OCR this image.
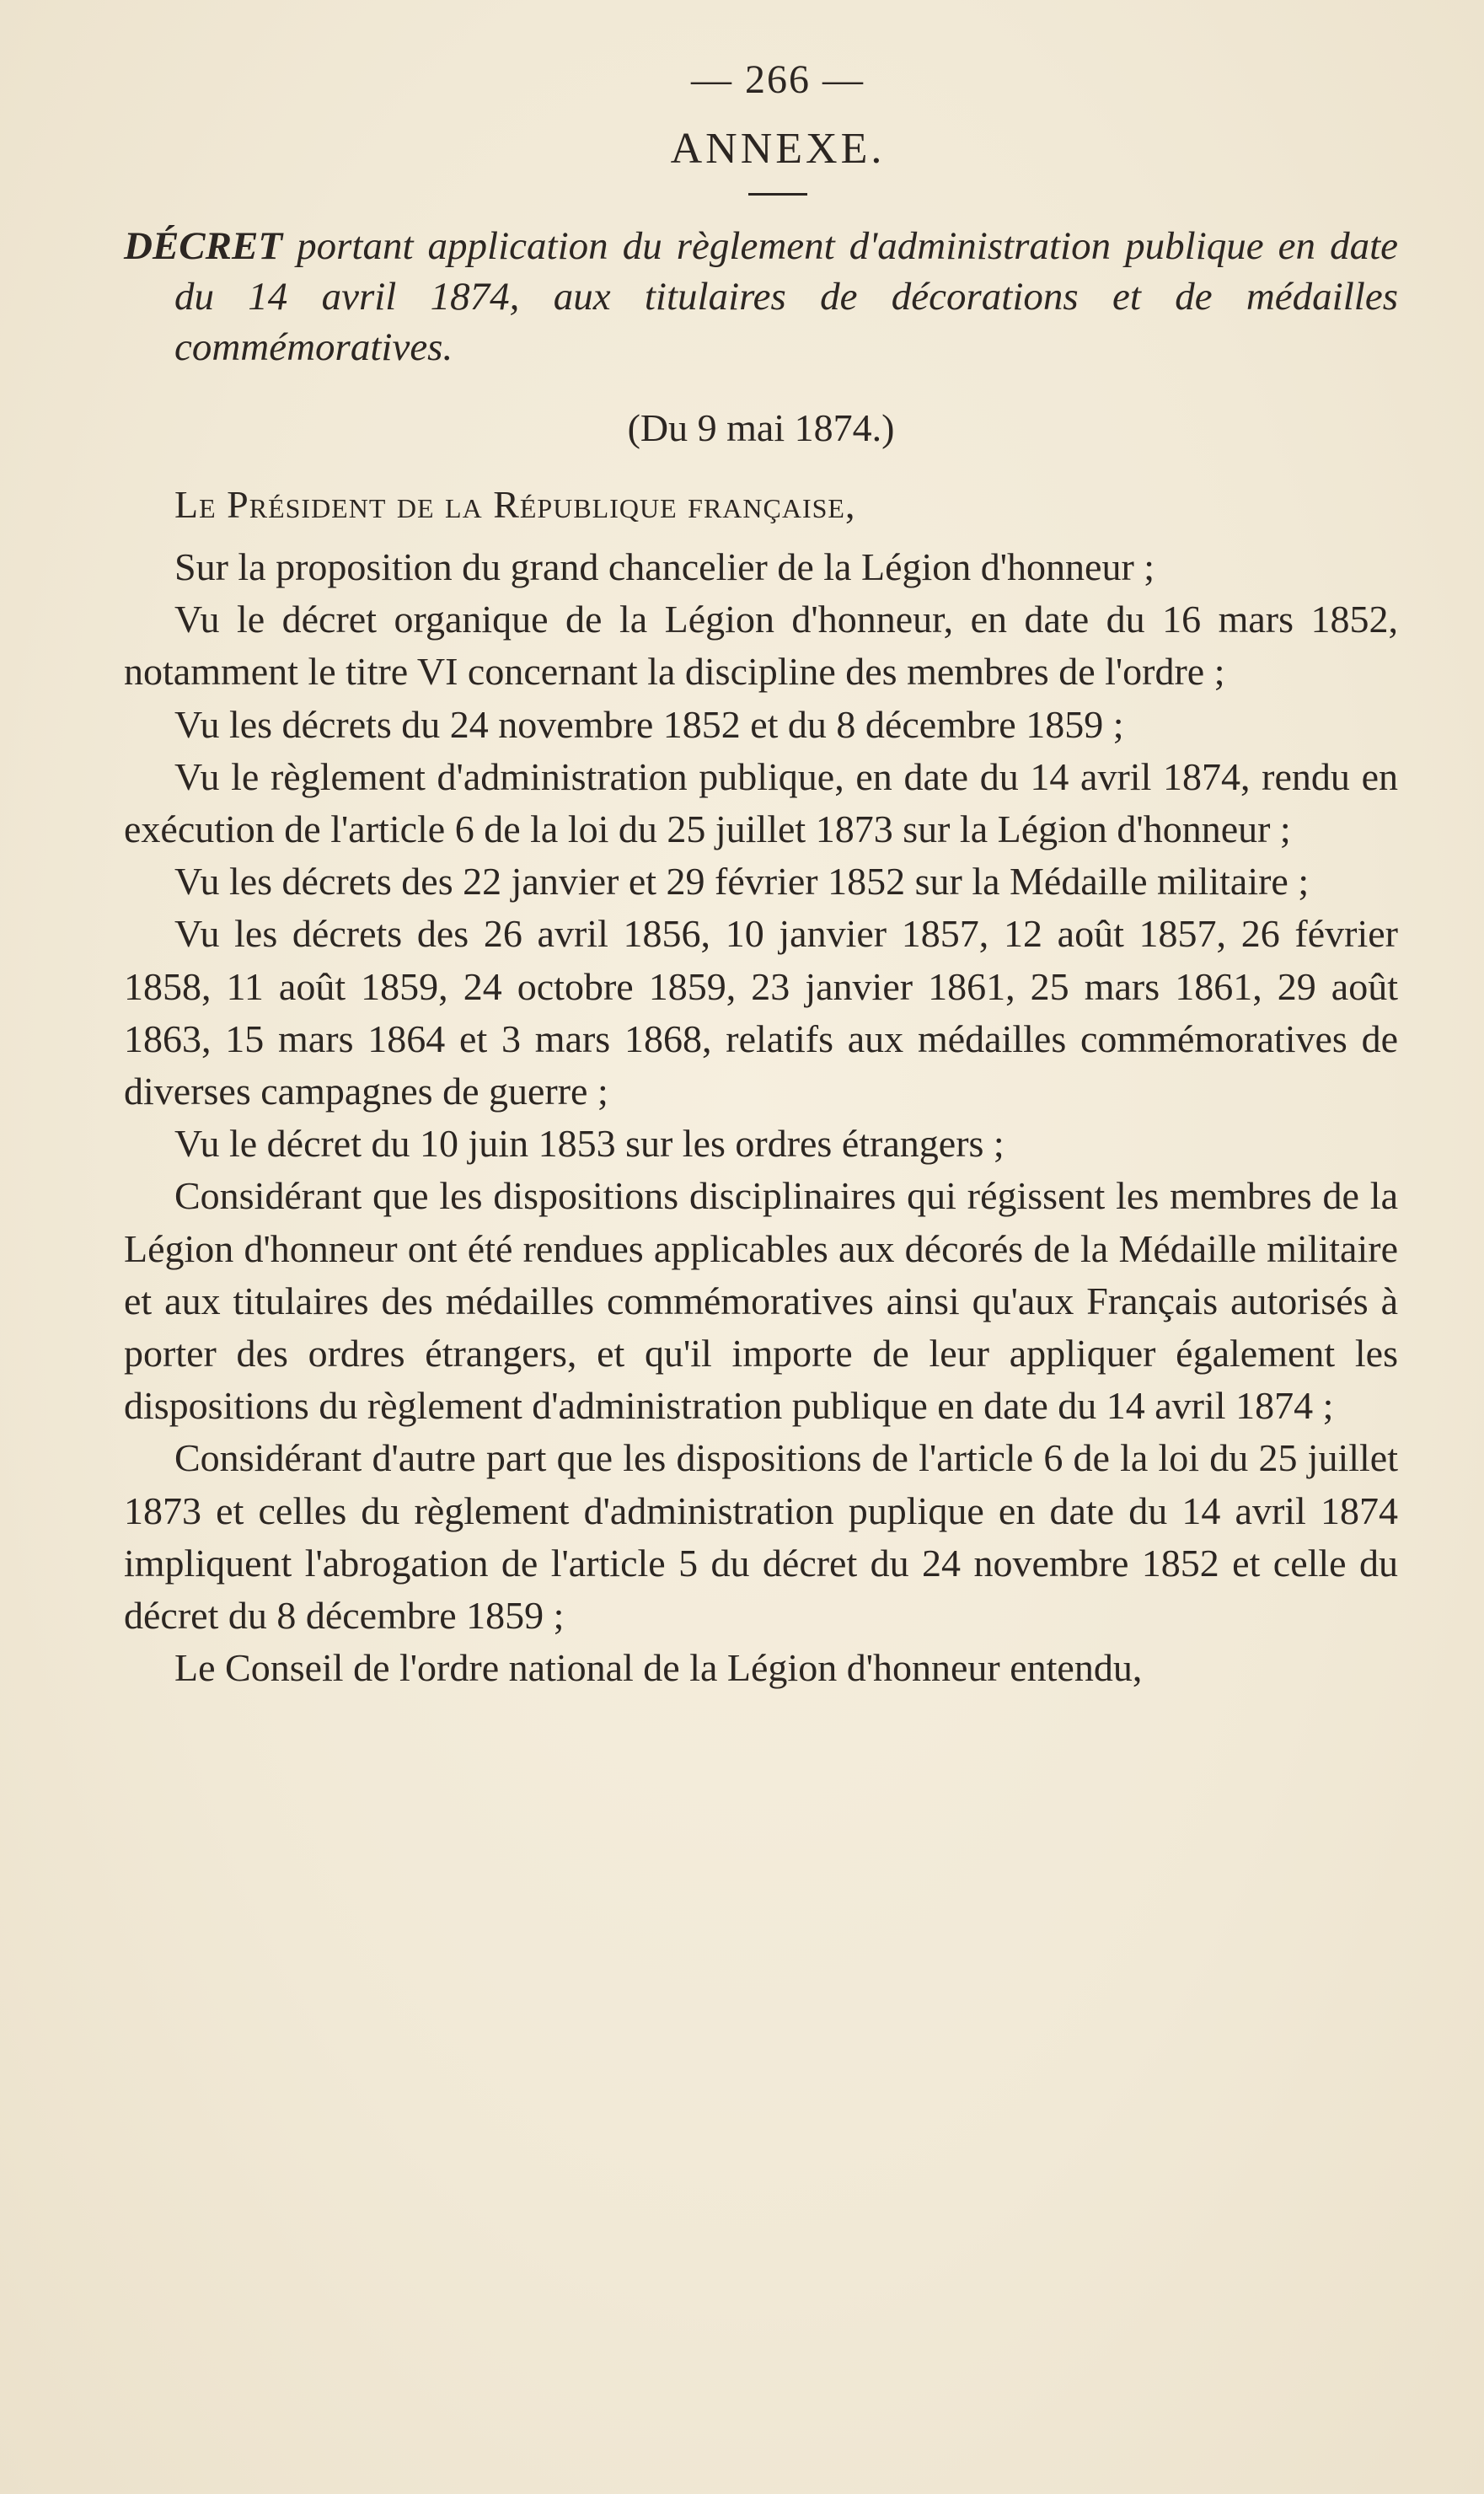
— 266 —
ANNEXE.

DÉCRET portant application du règlement d'administration publique en date du 14 avril 1874, aux titulaires de décorations et de médailles commémoratives.

(Du 9 mai 1874.)
Le Président de la République française,

Sur la proposition du grand chancelier de la Légion d'honneur ;

Vu le décret organique de la Légion d'honneur, en date du 16 mars 1852, notamment le titre VI concernant la discipline des membres de l'ordre ;

Vu les décrets du 24 novembre 1852 et du 8 décembre 1859 ;

Vu le règlement d'administration publique, en date du 14 avril 1874, rendu en exécution de l'article 6 de la loi du 25 juillet 1873 sur la Légion d'honneur ;

Vu les décrets des 22 janvier et 29 février 1852 sur la Médaille militaire ;

Vu les décrets des 26 avril 1856, 10 janvier 1857, 12 août 1857, 26 février 1858, 11 août 1859, 24 octobre 1859, 23 janvier 1861, 25 mars 1861, 29 août 1863, 15 mars 1864 et 3 mars 1868, relatifs aux médailles commémoratives de diverses campagnes de guerre ;

Vu le décret du 10 juin 1853 sur les ordres étrangers ;

Considérant que les dispositions disciplinaires qui régissent les membres de la Légion d'honneur ont été rendues applicables aux décorés de la Médaille militaire et aux titulaires des médailles commémoratives ainsi qu'aux Français autorisés à porter des ordres étrangers, et qu'il importe de leur appliquer également les dispositions du règlement d'administration publique en date du 14 avril 1874 ;

Considérant d'autre part que les dispositions de l'article 6 de la loi du 25 juillet 1873 et celles du règlement d'administration puplique en date du 14 avril 1874 impliquent l'abrogation de l'article 5 du décret du 24 novembre 1852 et celle du décret du 8 décembre 1859 ;

Le Conseil de l'ordre national de la Légion d'honneur entendu,
